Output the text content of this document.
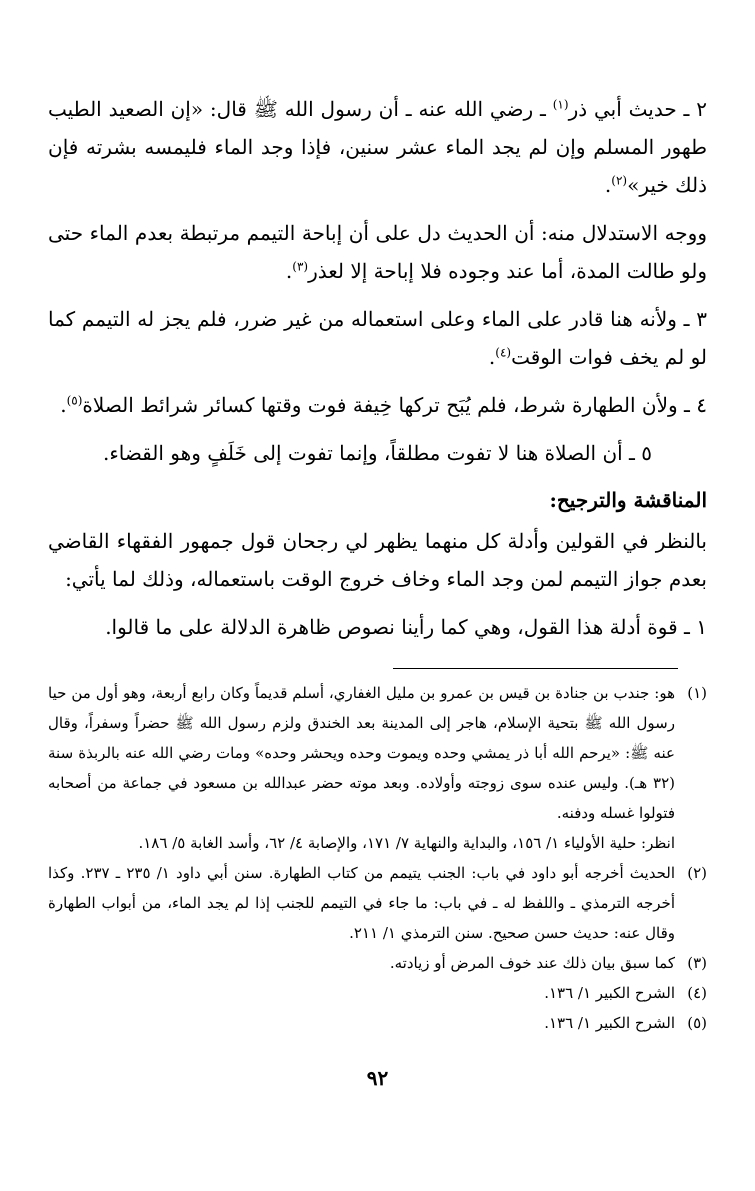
٢ ـ حديث أبي ذر$^{(١)}$ ـ رضي الله عنه ـ أن رسول الله ﷺ قال: «إن الصعيد الطيب طهور المسلم وإن لم يجد الماء عشر سنين، فإذا وجد الماء فليمسه بشرته فإن ذلك خير»$^{(٢)}$.

ووجه الاستدلال منه: أن الحديث دل على أن إباحة التيمم مرتبطة بعدم الماء حتى ولو طالت المدة، أما عند وجوده فلا إباحة إلا لعذر$^{(٣)}$.

٣ ـ ولأنه هنا قادر على الماء وعلى استعماله من غير ضرر، فلم يجز له التيمم كما لو لم يخف فوات الوقت$^{(٤)}$.

٤ ـ ولأن الطهارة شرط، فلم يُبَح تركها خِيفة فوت وقتها كسائر شرائط الصلاة$^{(٥)}$.

٥ ـ أن الصلاة هنا لا تفوت مطلقاً، وإنما تفوت إلى خَلَفٍ وهو القضاء.

المناقشة والترجيح:

بالنظر في القولين وأدلة كل منهما يظهر لي رجحان قول جمهور الفقهاء القاضي بعدم جواز التيمم لمن وجد الماء وخاف خروج الوقت باستعماله، وذلك لما يأتي:

١ ـ قوة أدلة هذا القول، وهي كما رأينا نصوص ظاهرة الدلالة على ما قالوا.

(١)
هو: جندب بن جنادة بن قيس بن عمرو بن مليل الغفاري، أسلم قديماً وكان رابع أربعة، وهو أول من حيا رسول الله ﷺ بتحية الإسلام، هاجر إلى المدينة بعد الخندق ولزم رسول الله ﷺ حضراً وسفراً، وقال عنه ﷺ: «يرحم الله أبا ذر يمشي وحده ويموت وحده ويحشر وحده» ومات رضي الله عنه بالربذة سنة (٣٢ هـ). وليس عنده سوى زوجته وأولاده. وبعد موته حضر عبدالله بن مسعود في جماعة من أصحابه فتولوا غسله ودفنه.
انظر: حلية الأولياء ١/ ١٥٦، والبداية والنهاية ٧/ ١٧١، والإصابة ٤/ ٦٢، وأسد الغابة ٥/ ١٨٦.
(٢)
الحديث أخرجه أبو داود في باب: الجنب يتيمم من كتاب الطهارة. سنن أبي داود ١/ ٢٣٥ ـ ٢٣٧. وكذا أخرجه الترمذي ـ واللفظ له ـ في باب: ما جاء في التيمم للجنب إذا لم يجد الماء، من أبواب الطهارة وقال عنه: حديث حسن صحيح. سنن الترمذي ١/ ٢١١.
(٣)
كما سبق بيان ذلك عند خوف المرض أو زيادته.
(٤)
الشرح الكبير ١/ ١٣٦.
(٥)
الشرح الكبير ١/ ١٣٦.
٩٢
